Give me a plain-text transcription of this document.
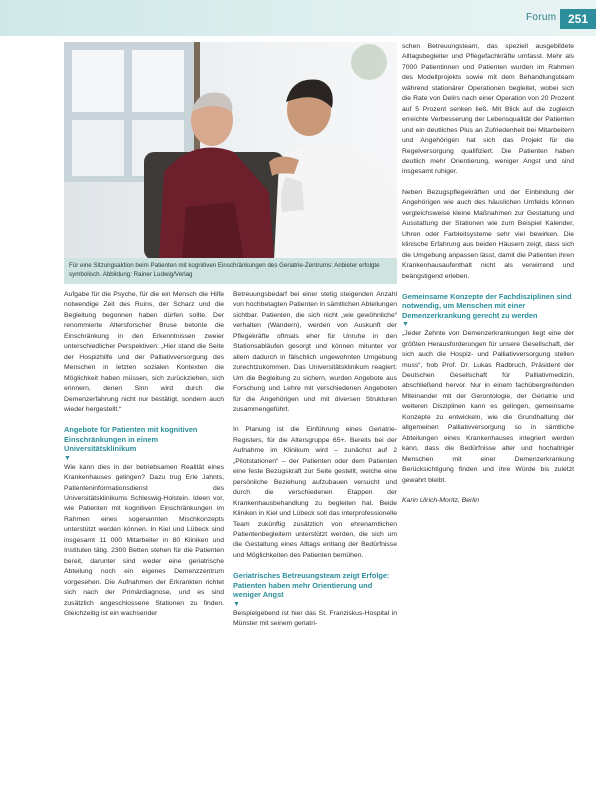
Forum 251
Für eine Sitzungsaktion beim Patienten mit kognitiven Einschränkungen des Geriatrie-Zentrums: Anbieter erfolgte symbolisch. Abbildung: Rainer Ludwig/Verlag

Aufgabe für die Psyche, für die ein Mensch die Hilfe notwendige Zeit des Ruins, der Scharz und die Begleitung begonnen haben dürfen sollte. Der renommierte Altersforscher Bruse betonte die Einschränkung in den Erkenntnissen zweier unterschiedlicher Perspektiven: „Hier stand die Seite der Hospizhilfe und der Palliativversorgung des Menschen in letzten sozialen Kontexten die Möglichkeit haben müssen, sich zurückziehen, sich erinnern, denen Sinn wird durch die Demenzerfahrung nicht nur bestätigt, sondern auch wieder hergestellt.“

Angebote für Patienten mit kognitiven Einschränkungen in einem Universitätsklinikum

▼

Wie kann dies in der betriebsamen Realität eines Krankenhauses gelingen? Dazu trug Erle Jahnts, Patienteninformationsdienst des Universitätsklinikums Schleswig-Holstein. Ideen vor, wie Patienten mit kognitiven Einschränkungen im Rahmen eines sogenannten Mischkonzepts unterstützt werden können. In Kiel und Lübeck sind insgesamt 11 000 Mitarbeiter in 80 Kliniken und Instituten tätig. 2300 Betten stehen für die Patienten bereit, darunter sind weder eine geriatrische Abteilung noch ein eigenes Demenzzentrum vorgesehen. Die Aufnahmen der Erkrankten richtet sich nach der Primärdiagnose, und es sind zusätzlich angeschlossene Stationen zu finden. Gleichzeitig ist ein wachsender

Betreuungsbedarf bei einer stetig steigenden Anzahl von hochbetagten Patienten in sämtlichen Abteilungen sichtbar. Patienten, die sich nicht „wie gewöhnliche“ verhalten (Wandern), werden von Auskunft der Pflegekräfte oftmals eher für Unruhe in den Stationsabläufen gesorgt und können mitunter vor allem dadurch in fälschlich ungewohnten Umgebung zurechtzukommen. Das Universitätsklinikum reagiert: Um die Begleitung zu sichern, wurden Angebote aus Forschung und Lehre mit verschiedenen Angeboten für die Angehörigen und mit diversen Strukturen zusammengeführt.

In Planung ist die Einführung eines Geriatrie-Registers, für die Altersgruppe 65+. Bereits bei der Aufnahme im Klinikum wird – zunächst auf 2 „Pilotstationen“ – der Patienten oder dem Patienten eine feste Bezugskraft zur Seite gestellt, welche eine persönliche Beziehung aufzubauen versucht und durch die verschiedenen Etappen der Krankenhausbehandlung zu begleiten hat. Beide Kliniken in Kiel und Lübeck soll das interprofessionelle Team zukünftig zusätzlich von ehrenamtlichen Patientenbegleitern unterstützt werden, die sich um die Gestaltung eines Alltags entlang der Bedürfnisse und Möglichkeiten des Patienten bemühen.

Geriatrisches Betreuungsteam zeigt Erfolge: Patienten haben mehr Orientierung und weniger Angst

▼

Beispielgebend ist hier das St. Franziskus-Hospital in Münster mit seinem geriatri-

schen Betreuungsteam, das speziell ausgebildete Alltagsbegleiter und Pflegefachkräfte umfasst. Mehr als 7000 Patientinnen und Patienten wurden im Rahmen des Modellprojekts sowie mit dem Behandlungsteam während stationärer Operationen begleitet, wobei sich die Rate von Delirs nach einer Operation von 20 Prozent auf 5 Prozent senken ließ. Mit Blick auf die zugleich erreichte Verbesserung der Lebensqualität der Patienten und ein deutliches Plus an Zufriedenheit bei Mitarbeitern und Angehörigen hat sich das Projekt für die Regelversorgung qualifiziert. Die Patienten haben deutlich mehr Orientierung, weniger Angst und sind insgesamt ruhiger.

Neben Bezugspflegekräften und der Einbindung der Angehörigen wie auch des häuslichen Umfelds können vergleichsweise kleine Maßnahmen zur Gestaltung und Ausstattung der Stationen wie zum Beispiel Kalender, Uhren oder Farbleitsysteme sehr viel bewirken. Die klinische Erfahrung aus beiden Häusern zeigt, dass sich die Umgebung anpassen lässt, damit die Patienten ihren Krankenhausaufenthalt nicht als verwirrend und beängstigend erleben.

Gemeinsame Konzepte der Fachdisziplinen sind notwendig, um Menschen mit einer Demenzerkrankung gerecht zu werden

▼

„Jeder Zehnte von Demenzerkrankungen liegt eine der größten Herausforderungen für unsere Gesellschaft, der sich auch die Hospiz- und Palliativversorgung stellen muss“, hob Prof. Dr. Lukas Radbruch, Präsident der Deutschen Gesellschaft für Palliativmedizin, abschließend hervor. Nur in einem fachübergreifenden Miteinander mit der Gerontologie, der Geriatrie und weiteren Disziplinen kann es gelingen, gemeinsame Konzepte zu entwickeln, wie die Grundhaltung der allgemeinen Palliativversorgung so in sämtliche Abteilungen eines Krankenhauses integriert werden kann, dass die Bedürfnisse alter und hochaltriger Menschen mit einer Demenzerkrankung Berücksichtigung finden und ihre Würde bis zuletzt gewahrt bleibt.

Karin Ulrich-Moritz, Berlin
